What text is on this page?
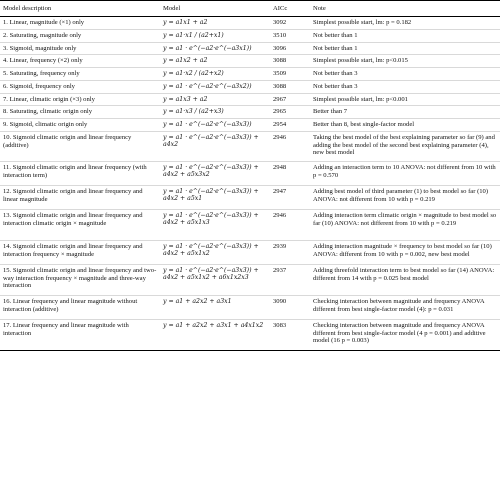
Model description	Model	AICc	Note
1. Linear, magnitude (×1) only	y = a1x1 + a2	3092	Simplest possible start, lm: p = 0.182
2. Saturating, magnitude only	y = a1·x1 / (a2+x1)	3510	Not better than 1
3. Sigmoid, magnitude only	y = a1 · e^(−a2·e^(−a3x1))	3096	Not better than 1
4. Linear, frequency (×2) only	y = a1x2 + a2	3088	Simplest possible start, lm: p<0.015
5. Saturating, frequency only	y = a1·x2 / (a2+x2)	3509	Not better than 3
6. Sigmoid, frequency only	y = a1 · e^(−a2·e^(−a3x2))	3088	Not better than 3
7. Linear, climatic origin (×3) only	y = a1x3 + a2	2967	Simplest possible start, lm: p<0.001
8. Saturating, climatic origin only	y = a1·x3 / (a2+x3)	2965	Better than 7
9. Sigmoid, climatic origin only	y = a1 · e^(−a2·e^(−a3x3))	2954	Better than 8, best single-factor model
10. Sigmoid climatic origin and linear frequency (additive)	y = a1 · e^(−a2·e^(−a3x3)) + a4x2	2946	Taking the best model of the best explaining parameter so far (9) and adding the best model of the second best explaining parameter (4), new best model
11. Sigmoid climatic origin and linear frequency (with interaction term)	y = a1 · e^(−a2·e^(−a3x3)) + a4x2 + a5x3x2	2948	Adding an interaction term to 10 ANOVA: not different from 10 with p = 0.570
12. Sigmoid climatic origin and linear frequency and linear magnitude	y = a1 · e^(−a2·e^(−a3x3)) + a4x2 + a5x1	2947	Adding best model of third parameter (1) to best model so far (10) ANOVA: not different from 10 with p = 0.219
13. Sigmoid climatic origin and linear frequency and interaction climatic origin × magnitude	y = a1 · e^(−a2·e^(−a3x3)) + a4x2 + a5x1x3	2946	Adding interaction term climatic origin × magnitude to best model so far (10) ANOVA: not different from 10 with p = 0.219
14. Sigmoid climatic origin and linear frequency and interaction frequency × magnitude	y = a1 · e^(−a2·e^(−a3x3)) + a4x2 + a5x1x2	2939	Adding interaction magnitude × frequency to best model so far (10) ANOVA: different from 10 with p = 0.002, new best model
15. Sigmoid climatic origin and linear frequency and two-way interaction frequency × magnitude and three-way interaction	y = a1 · e^(−a2·e^(−a3x3)) + a4x2 + a5x1x2 + a6x1x2x3	2937	Adding threefold interaction term to best model so far (14) ANOVA: different from 14 with p = 0.025 best model
16. Linear frequency and linear magnitude without interaction (additive)	y = a1 + a2x2 + a3x1	3090	Checking interaction between magnitude and frequency ANOVA different from best single-factor model (4): p = 0.031
17. Linear frequency and linear magnitude with interaction	y = a1 + a2x2 + a3x1 + a4x1x2	3083	Checking interaction between magnitude and frequency ANOVA different from best single-factor model (4 p = 0.001) and additive model (16 p = 0.003)
